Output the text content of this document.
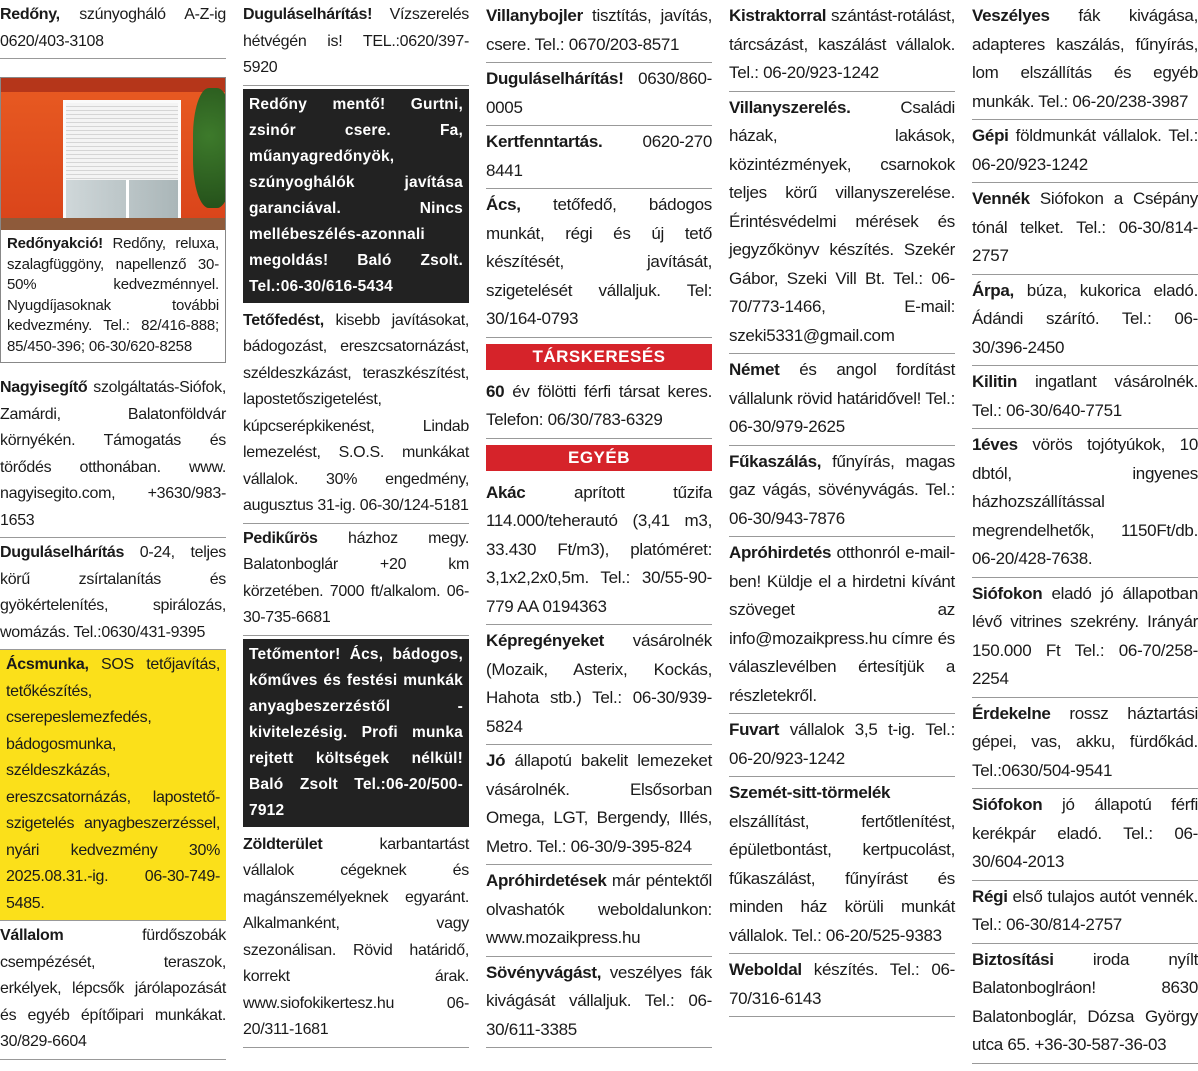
Redőny, szúnyogháló A-Z-ig 0620/403-3108
Redőnyakció! Redőny, reluxa, szalagfüggöny, napellenző 30-50% kedvezménnyel. Nyugdíjasoknak további kedvezmény. Tel.: 82/416-888; 85/450-396; 06-30/620-8258
Nagyisegítő szolgáltatás-Siófok, Zamárdi, Balatonföldvár környékén. Támogatás és törődés otthonában. www. nagyisegito.com, +3630/983-1653
Duguláselhárítás 0-24, teljes körű zsírtalanítás és gyökértelenítés, spirálozás, womázás. Tel.:0630/431-9395
Ácsmunka, SOS tetőjavítás, tetőkészítés, cserepeslemezfedés, bádogosmunka, széldeszkázás, ereszcsatornázás, lapostető-szigetelés anyagbeszerzéssel, nyári kedvezmény 30% 2025.08.31.-ig. 06-30-749-5485.
Vállalom fürdőszobák csempézését, teraszok, erkélyek, lépcsők járólapozását és egyéb építőipari munkákat. 30/829-6604
Duguláselhárítás! Vízszerelés hétvégén is! TEL.:0620/397-5920
Redőny mentő! Gurtni, zsinór csere. Fa, műanyagredőnyök, szúnyoghálók javítása garanciával. Nincs mellébeszélés-azonnali megoldás! Baló Zsolt. Tel.:06-30/616-5434
Tetőfedést, kisebb javításokat, bádogozást, ereszcsatornázást, széldeszkázást, teraszkészítést, lapostetőszigetelést, kúpcserépkikenést, Lindab lemezelést, S.O.S. munkákat vállalok. 30% engedmény, augusztus 31-ig. 06-30/124-5181
Pedikűrös házhoz megy. Balatonboglár +20 km körzetében. 7000 ft/alkalom. 06-30-735-6681
Tetőmentor! Ács, bádogos, kőműves és festési munkák anyagbeszerzéstől -kivitelezésig. Profi munka rejtett költségek nélkül! Baló Zsolt Tel.:06-20/500-7912
Zöldterület karbantartást vállalok cégeknek és magánszemélyeknek egyaránt. Alkalmanként, vagy szezonálisan. Rövid határidő, korrekt árak. www.siofokikertesz.hu 06-20/311-1681
Villanybojler tisztítás, javítás, csere. Tel.: 0670/203-8571
Duguláselhárítás! 0630/860-0005
Kertfenntartás. 0620-270 8441
Ács, tetőfedő, bádogos munkát, régi és új tető készítését, javítását, szigetelését vállaljuk. Tel: 30/164-0793
TÁRSKERESÉS
60 év fölötti férfi társat keres. Telefon: 06/30/783-6329
EGYÉB
Akác aprított tűzifa 114.000/teherautó (3,41 m3, 33.430 Ft/m3), platóméret: 3,1x2,2x0,5m. Tel.: 30/55-90-779 AA 0194363
Képregényeket vásárolnék (Mozaik, Asterix, Kockás, Hahota stb.) Tel.: 06-30/939-5824
Jó állapotú bakelit lemezeket vásárolnék. Elsősorban Omega, LGT, Bergendy, Illés, Metro. Tel.: 06-30/9-395-824
Apróhirdetések már péntektől olvashatók weboldalunkon: www.mozaikpress.hu
Sövényvágást, veszélyes fák kivágását vállaljuk. Tel.: 06-30/611-3385
Kistraktorral szántást-rotálást, tárcsázást, kaszálást vállalok. Tel.: 06-20/923-1242
Villanyszerelés. Családi házak, lakások, közintézmények, csarnokok teljes körű villanyszerelése. Érintésvédelmi mérések és jegyzőkönyv készítés. Szekér Gábor, Szeki Vill Bt. Tel.: 06-70/773-1466, E-mail: szeki5331@gmail.com
Német és angol fordítást vállalunk rövid határidővel! Tel.: 06-30/979-2625
Fűkaszálás, fűnyírás, magas gaz vágás, sövényvágás. Tel.: 06-30/943-7876
Apróhirdetés otthonról e-mail-ben! Küldje el a hirdetni kívánt szöveget az info@mozaikpress.hu címre és válaszlevélben értesítjük a részletekről.
Fuvart vállalok 3,5 t-ig. Tel.: 06-20/923-1242
Szemét-sitt-törmelék elszállítást, fertőtlenítést, épületbontást, kertpucolást, fűkaszálást, fűnyírást és minden ház körüli munkát vállalok. Tel.: 06-20/525-9383
Weboldal készítés. Tel.: 06-70/316-6143
Veszélyes fák kivágása, adapteres kaszálás, fűnyírás, lom elszállítás és egyéb munkák. Tel.: 06-20/238-3987
Gépi földmunkát vállalok. Tel.: 06-20/923-1242
Vennék Siófokon a Csépány tónál telket. Tel.: 06-30/814-2757
Árpa, búza, kukorica eladó. Ádándi szárító. Tel.: 06-30/396-2450
Kilitin ingatlant vásárolnék. Tel.: 06-30/640-7751
1éves vörös tojótyúkok, 10 dbtól, ingyenes házhozszállítással megrendelhetők, 1150Ft/db. 06-20/428-7638.
Siófokon eladó jó állapotban lévő vitrines szekrény. Irányár 150.000 Ft Tel.: 06-70/258-2254
Érdekelne rossz háztartási gépei, vas, akku, fürdőkád. Tel.:0630/504-9541
Siófokon jó állapotú férfi kerékpár eladó. Tel.: 06-30/604-2013
Régi első tulajos autót vennék. Tel.: 06-30/814-2757
Biztosítási iroda nyílt Balatonboglráon! 8630 Balatonboglár, Dózsa György utca 65. +36-30-587-36-03
